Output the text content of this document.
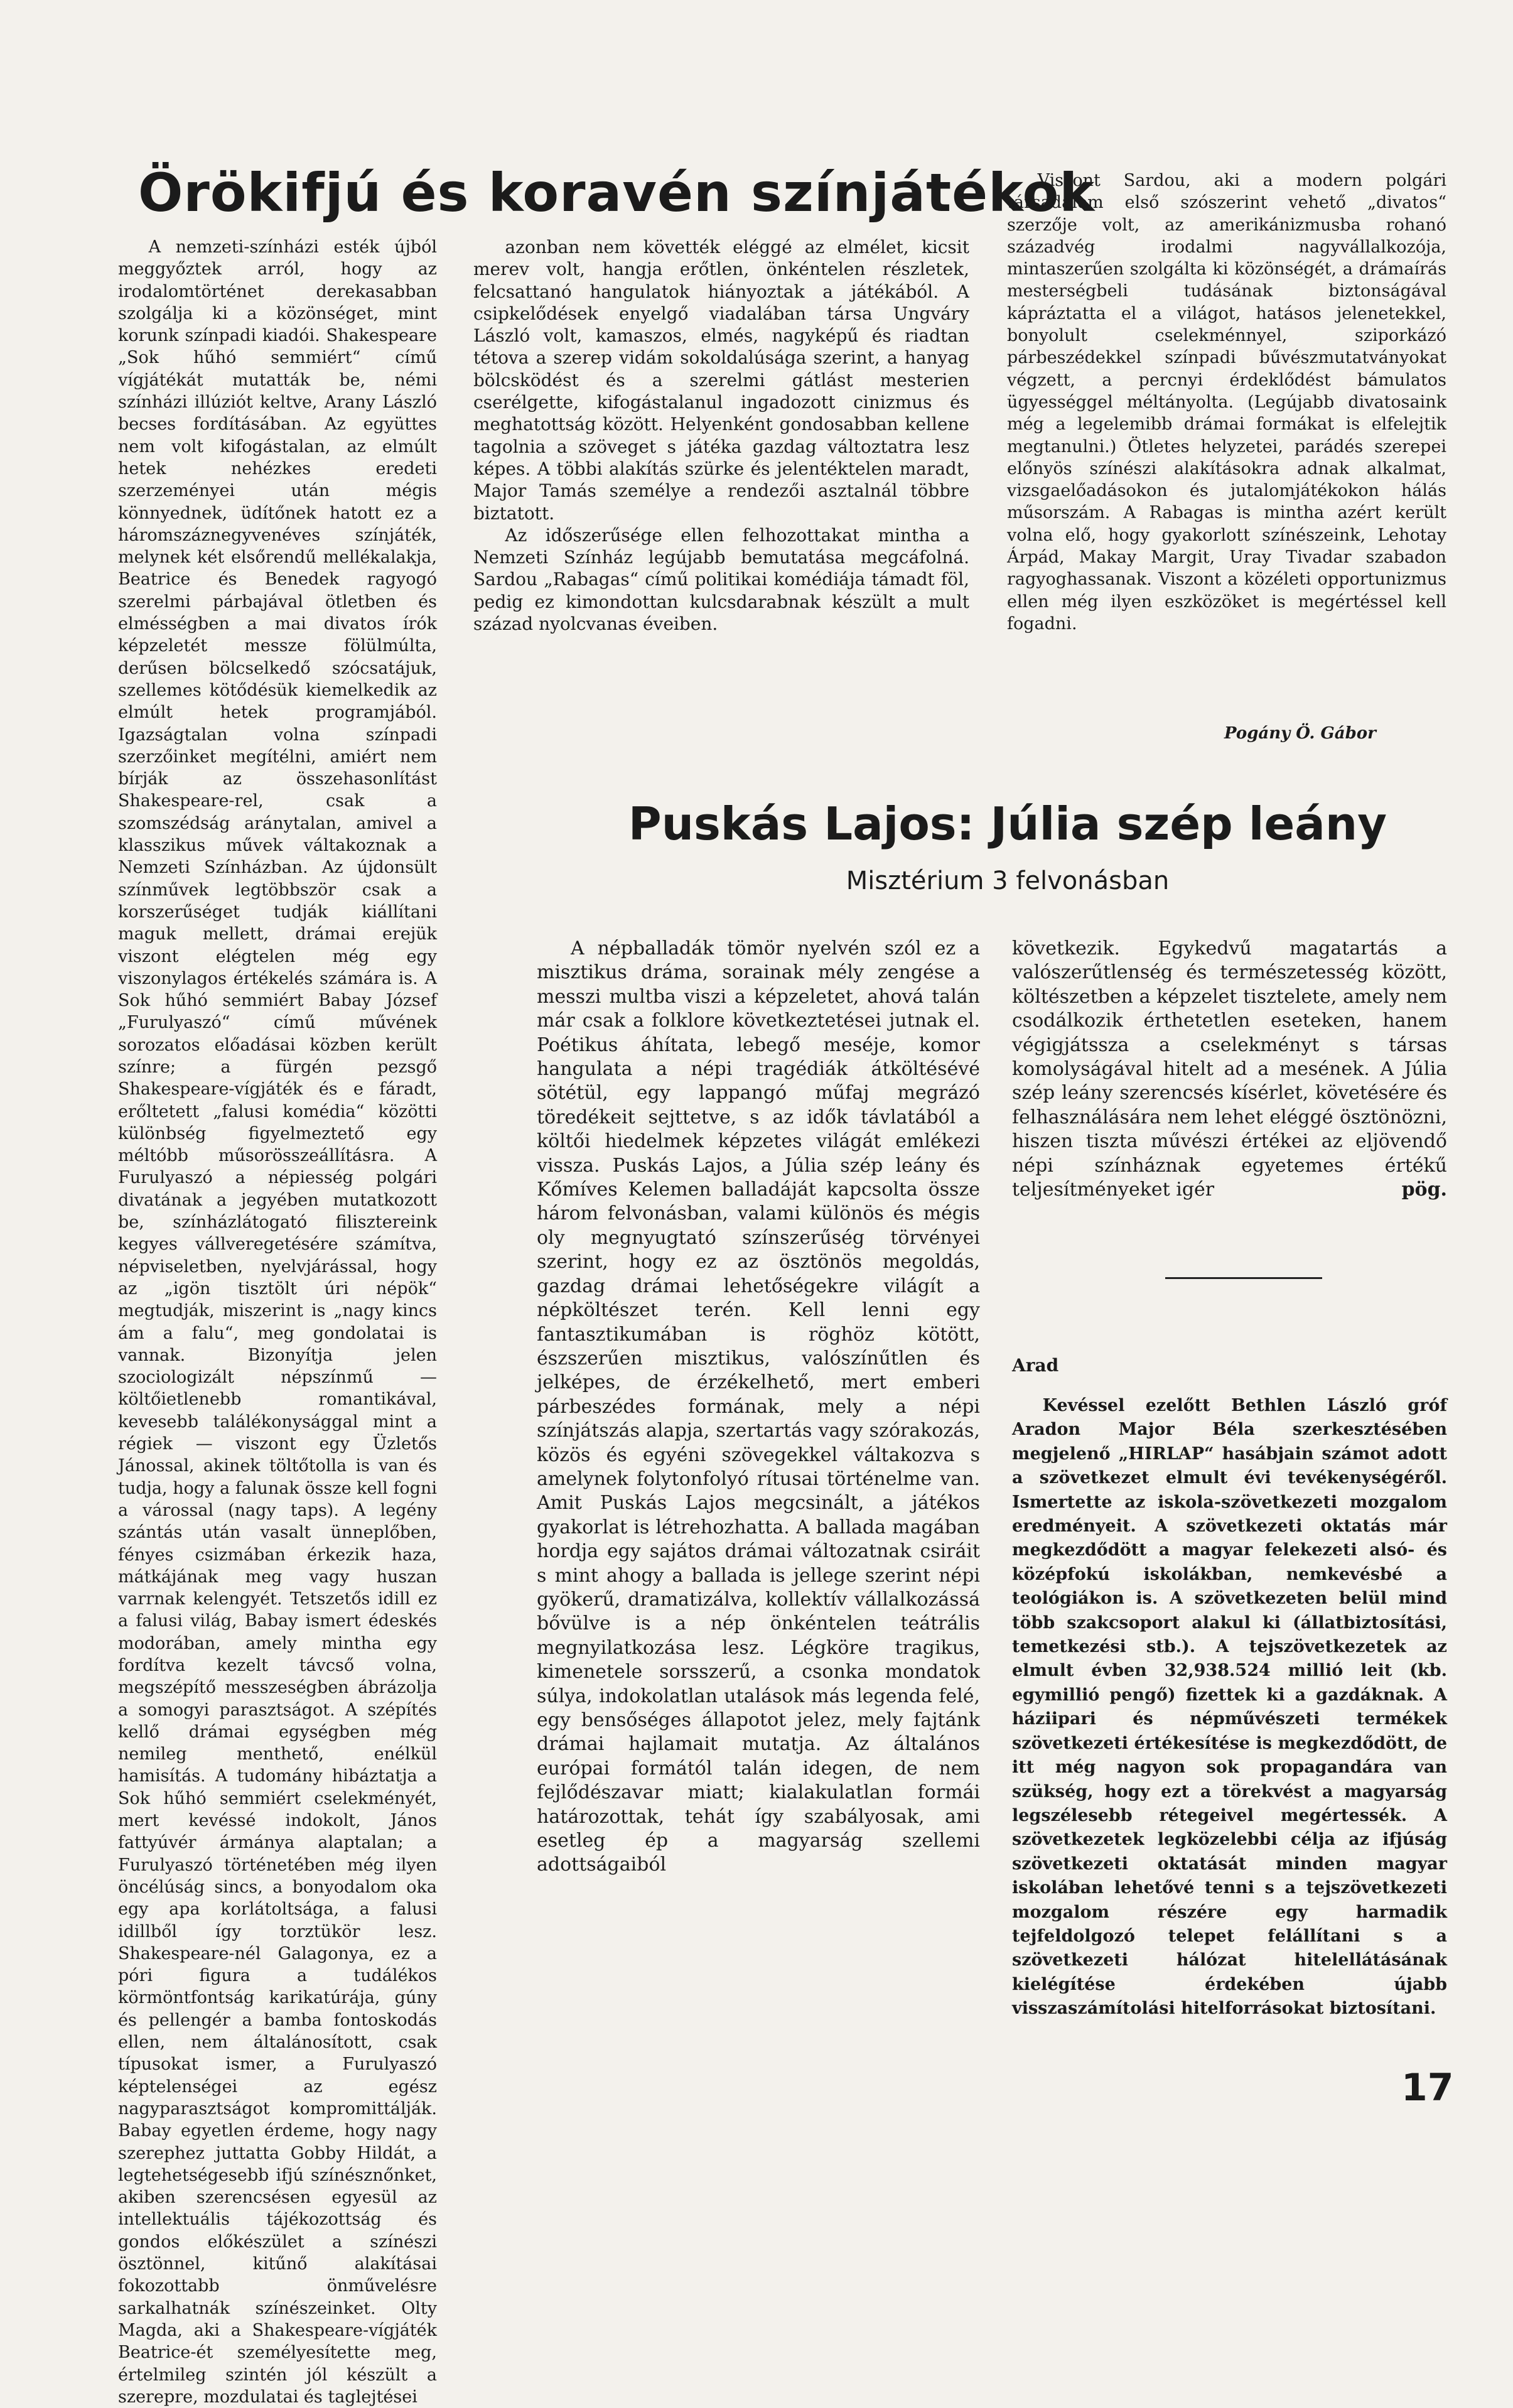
Örökifjú és koravén színjátékok

A nemzeti-színházi esték újból meggyőztek arról, hogy az irodalomtörténet derekasabban szolgálja ki a közönséget, mint korunk színpadi kiadói. Shakespeare „Sok hűhó semmiért“ című vígjátékát mutatták be, némi színházi illúziót keltve, Arany László becses fordításában. Az együttes nem volt kifogástalan, az elmúlt hetek nehézkes eredeti szerzeményei után mégis könnyednek, üdítőnek hatott ez a háromszáznegyvenéves színjáték, melynek két elsőrendű mellékalakja, Beatrice és Benedek ragyogó szerelmi párbajával ötletben és elmésségben a mai divatos írók képzeletét messze fölülmúlta, derűsen bölcselkedő szócsatájuk, szellemes kötődésük kiemelkedik az elmúlt hetek programjából. Igazságtalan volna színpadi szerzőinket megítélni, amiért nem bírják az összehasonlítást Shakespeare-rel, csak a szomszédság aránytalan, amivel a klasszikus művek váltakoznak a Nemzeti Színházban. Az újdonsült színművek legtöbbször csak a korszerűséget tudják kiállítani maguk mellett, drámai erejük viszont elégtelen még egy viszonylagos értékelés számára is. A Sok hűhó semmiért Babay József „Furulyaszó“ című művének sorozatos előadásai közben került színre; a fürgén pezsgő Shakespeare-vígjáték és e fáradt, erőltetett „falusi komédia“ közötti különbség figyelmeztető egy méltóbb műsorösszeállításra. A Furulyaszó a népiesség polgári divatának a jegyében mutatkozott be, színházlátogató filisztereink kegyes vállveregetésére számítva, népviseletben, nyelvjárással, hogy az „igön tisztölt úri népök“ megtudják, miszerint is „nagy kincs ám a falu“, meg gondolatai is vannak. Bizonyítja jelen szociologizált népszínmű — költőietlenebb romantikával, kevesebb találékonysággal mint a régiek — viszont egy Üzletős Jánossal, akinek töltőtolla is van és tudja, hogy a falunak össze kell fogni a várossal (nagy taps). A legény szántás után vasalt ünneplőben, fényes csizmában érkezik haza, mátkájának meg vagy huszan varrnak kelengyét. Tetszetős idill ez a falusi világ, Babay ismert édeskés modorában, amely mintha egy fordítva kezelt távcső volna, megszépítő messzeségben ábrázolja a somogyi parasztságot. A szépítés kellő drámai egységben még nemileg menthető, enélkül hamisítás. A tudomány hibáztatja a Sok hűhó semmiért cselekményét, mert kevéssé indokolt, János fattyúvér ármánya alaptalan; a Furulyaszó történetében még ilyen öncélúság sincs, a bonyodalom oka egy apa korlátoltsága, a falusi idillből így torztükör lesz. Shakespeare-nél Galagonya, ez a póri figura a tudálékos körmöntfontság karikatúrája, gúny és pellengér a bamba fontoskodás ellen, nem általánosított, csak típusokat ismer, a Furulyaszó képtelenségei az egész nagyparasztságot kompromittálják. Babay egyetlen érdeme, hogy nagy szerephez juttatta Gobby Hildát, a legtehetségesebb ifjú színésznőnket, akiben szerencsésen egyesül az intellektuális tájékozottság és gondos előkészület a színészi ösztönnel, kitűnő alakításai fokozottabb önművelésre sarkalhatnák színészeinket. Olty Magda, aki a Shakespeare-vígjáték Beatrice-ét személyesítette meg, értelmileg szintén jól készült a szerepre, mozdulatai és taglejtései

azonban nem követték eléggé az elmélet, kicsit merev volt, hangja erőtlen, önkéntelen részletek, felcsattanó hangulatok hiányoztak a játékából. A csipkelődések enyelgő viadalában társa Ungváry László volt, kamaszos, elmés, nagyképű és riadtan tétova a szerep vidám sokoldalúsága szerint, a hanyag bölcsködést és a szerelmi gátlást mesterien cserélgette, kifogástalanul ingadozott cinizmus és meghatottság között. Helyenként gondosabban kellene tagolnia a szöveget s játéka gazdag változtatra lesz képes. A többi alakítás szürke és jelentéktelen maradt, Major Tamás személye a rendezői asztalnál többre biztatott.

Az időszerűsége ellen felhozottakat mintha a Nemzeti Színház legújabb bemutatása megcáfolná. Sardou „Rabagas“ című politikai komédiája támadt föl, pedig ez kimondottan kulcsdarabnak készült a mult század nyolcvanas éveiben.

Viszont Sardou, aki a modern polgári társadalom első szószerint vehető „divatos“ szerzője volt, az amerikánizmusba rohanó századvég irodalmi nagyvállalkozója, mintaszerűen szolgálta ki közönségét, a drámaírás mesterségbeli tudásának biztonságával kápráztatta el a világot, hatásos jelenetekkel, bonyolult cselekménnyel, sziporkázó párbeszédekkel színpadi bűvészmutatványokat végzett, a percnyi érdeklődést bámulatos ügyességgel méltányolta. (Legújabb divatosaink még a legelemibb drámai formákat is elfelejtik megtanulni.) Ötletes helyzetei, parádés szerepei előnyös színészi alakításokra adnak alkalmat, vizsgaelőadásokon és jutalomjátékokon hálás műsorszám. A Rabagas is mintha azért került volna elő, hogy gyakorlott színészeink, Lehotay Árpád, Makay Margit, Uray Tivadar szabadon ragyoghassanak. Viszont a közéleti opportunizmus ellen még ilyen eszközöket is megértéssel kell fogadni.

Pogány Ö. Gábor
Puskás Lajos: Júlia szép leány
Misztérium 3 felvonásban

A népballadák tömör nyelvén szól ez a misztikus dráma, sorainak mély zengése a messzi multba viszi a képzeletet, ahová talán már csak a folklore következtetései jutnak el. Poétikus áhítata, lebegő meséje, komor hangulata a népi tragédiák átköltésévé sötétül, egy lappangó műfaj megrázó töredékeit sejttetve, s az idők távlatából a költői hiedelmek képzetes világát emlékezi vissza. Puskás Lajos, a Júlia szép leány és Kőmíves Kelemen balladáját kapcsolta össze három felvonásban, valami különös és mégis oly megnyugtató színszerűség törvényei szerint, hogy ez az ösztönös megoldás, gazdag drámai lehetőségekre világít a népköltészet terén. Kell lenni egy fantasztikumában is röghöz kötött, észszerűen misztikus, valószínűtlen és jelképes, de érzékelhető, mert emberi párbeszédes formának, mely a népi színjátszás alapja, szertartás vagy szórakozás, közös és egyéni szövegekkel váltakozva s amelynek folytonfolyó rítusai történelme van. Amit Puskás Lajos megcsinált, a játékos gyakorlat is létrehozhatta. A ballada magában hordja egy sajátos drámai változatnak csiráit s mint ahogy a ballada is jellege szerint népi gyökerű, dramatizálva, kollektív vállalkozássá bővülve is a nép önkéntelen teátrális megnyilatkozása lesz. Légköre tragikus, kimenetele sorsszerű, a csonka mondatok súlya, indokolatlan utalások más legenda felé, egy bensőséges állapotot jelez, mely fajtánk drámai hajlamait mutatja. Az általános európai formától talán idegen, de nem fejlődészavar miatt; kialakulatlan formái határozottak, tehát így szabályosak, ami esetleg ép a magyarság szellemi adottságaiból

következik. Egykedvű magatartás a valószerűtlenség és természetesség között, költészetben a képzelet tisztelete, amely nem csodálkozik érthetetlen eseteken, hanem végigjátssza a cselekményt s társas komolyságával hitelt ad a mesének. A Júlia szép leány szerencsés kísérlet, követésére és felhasználására nem lehet eléggé ösztönözni, hiszen tiszta művészi értékei az eljövendő népi színháznak egyetemes értékű teljesítményeket igér	pög.

Arad

Kevéssel ezelőtt Bethlen László gróf Aradon Major Béla szerkesztésében megjelenő „HIRLAP“ hasábjain számot adott a szövetkezet elmult évi tevékenységéről. Ismertette az iskola-szövetkezeti mozgalom eredményeit. A szövetkezeti oktatás már megkezdődött a magyar felekezeti alsó- és középfokú iskolákban, nemkevésbé a teológiákon is. A szövetkezeten belül mind több szakcsoport alakul ki (állatbiztosítási, temetkezési stb.). A tejszövetkezetek az elmult évben 32,938.524 millió leit (kb. egymillió pengő) fizettek ki a gazdáknak. A háziipari és népművészeti termékek szövetkezeti értékesítése is megkezdődött, de itt még nagyon sok propagandára van szükség, hogy ezt a törekvést a magyarság legszélesebb rétegeivel megértessék. A szövetkezetek legközelebbi célja az ifjúság szövetkezeti oktatását minden magyar iskolában lehetővé tenni s a tejszövetkezeti mozgalom részére egy harmadik tejfeldolgozó telepet felállítani s a szövetkezeti hálózat hitelellátásának kielégítése érdekében újabb visszaszámítolási hitelforrásokat biztosítani.

17
